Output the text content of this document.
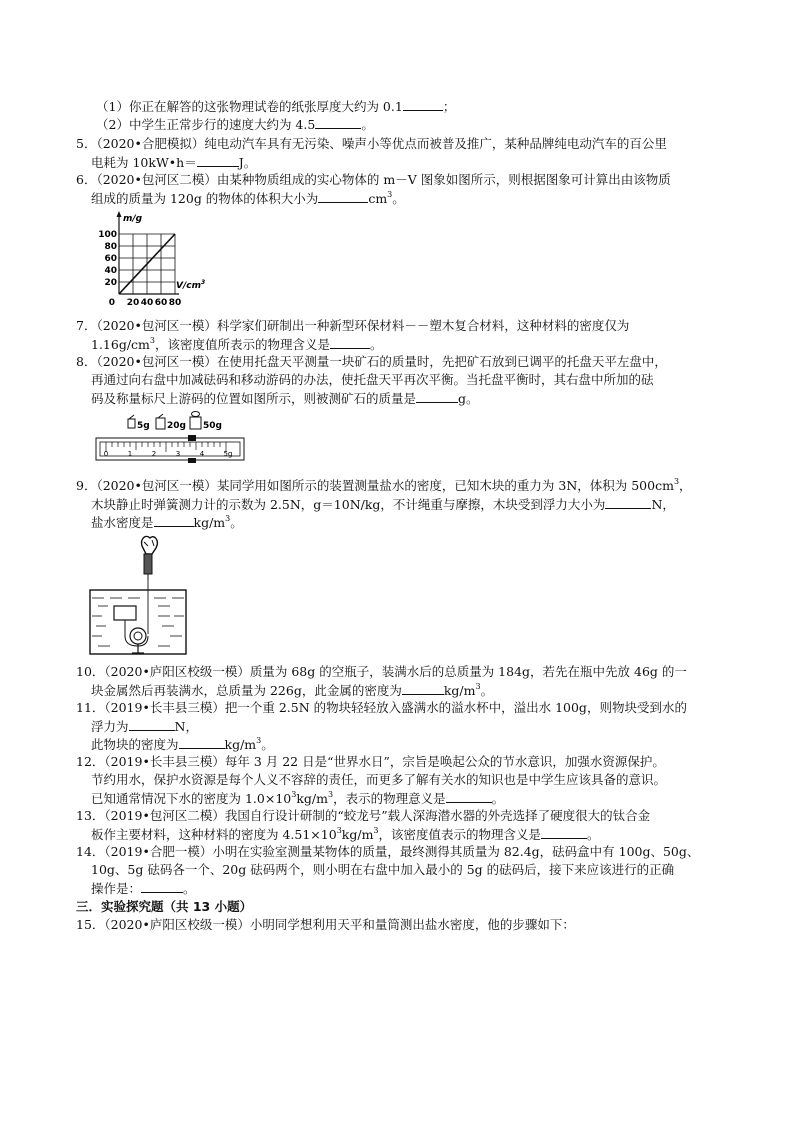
（1）你正在解答的这张物理试卷的纸张厚度大约为 0.1	；
（2）中学生正常步行的速度大约为 4.5	。
5．（2020•合肥模拟）纯电动汽车具有无污染、噪声小等优点而被普及推广，某种品牌纯电动汽车的百公里
电耗为 10kW•h＝	J。
6．（2020•包河区二模）由某种物质组成的实心物体的 m－V 图象如图所示，则根据图象可计算出由该物质
组成的质量为 120g 的物体的体积大小为	$cm^3$。
m/g
100
80
60
40
20
0 20 40 60 80
$V/cm^3$
7．（2020•包河区一模）科学家们研制出一种新型环保材料－－塑木复合材料，这种材料的密度仅为
$1.16g/cm^3$，该密度值所表示的物理含义是	。
8．（2020•包河区一模）在使用托盘天平测量一块矿石的质量时，先把矿石放到已调平的托盘天平左盘中，
再通过向右盘中加减砝码和移动游码的办法，使托盘天平再次平衡。当托盘平衡时，其右盘中所加的砝
码及称量标尺上游码的位置如图所示，则被测矿石的质量是	g。
5g 20g 50g
0	1	2	3	4	5g
9．（2020•包河区一模）某同学用如图所示的装置测量盐水的密度，已知木块的重力为 3N，体积为 $500cm^3$，
木块静止时弹簧测力计的示数为 2.5N，g＝10N/kg，不计绳重与摩擦，木块受到浮力大小为	N，
盐水密度是	$kg/m^3$。
10．（2020•庐阳区校级一模）质量为 68g 的空瓶子，装满水后的总质量为 184g，若先在瓶中先放 46g 的一
块金属然后再装满水，总质量为 226g，此金属的密度为	$kg/m^3$。
11．（2019•长丰县三模）把一个重 2.5N 的物块轻轻放入盛满水的溢水杯中，溢出水 100g，则物块受到水的
浮力为	N，
此物块的密度为	$kg/m^3$。
12．（2019•长丰县三模）每年 3 月 22 日是“世界水日”，宗旨是唤起公众的节水意识，加强水资源保护。
节约用水，保护水资源是每个人义不容辞的责任，而更多了解有关水的知识也是中学生应该具备的意识。
已知通常情况下水的密度为 $1.0\times 10^3kg/m^3$，表示的物理意义是	。
13．（2019•包河区二模）我国自行设计研制的“蛟龙号”载人深海潜水器的外壳选择了硬度很大的钛合金
板作主要材料，这种材料的密度为 $4.51\times 10^3kg/m^3$，该密度值表示的物理含义是	。
14．（2019•合肥一模）小明在实验室测量某物体的质量，最终测得其质量为 82.4g，砝码盒中有 100g、50g、
10g、5g 砝码各一个、20g 砝码两个，则小明在右盘中加入最小的 5g 的砝码后，接下来应该进行的正确
操作是：	。
三．实验探究题（共 13 小题）
15．（2020•庐阳区校级一模）小明同学想利用天平和量筒测出盐水密度，他的步骤如下：
